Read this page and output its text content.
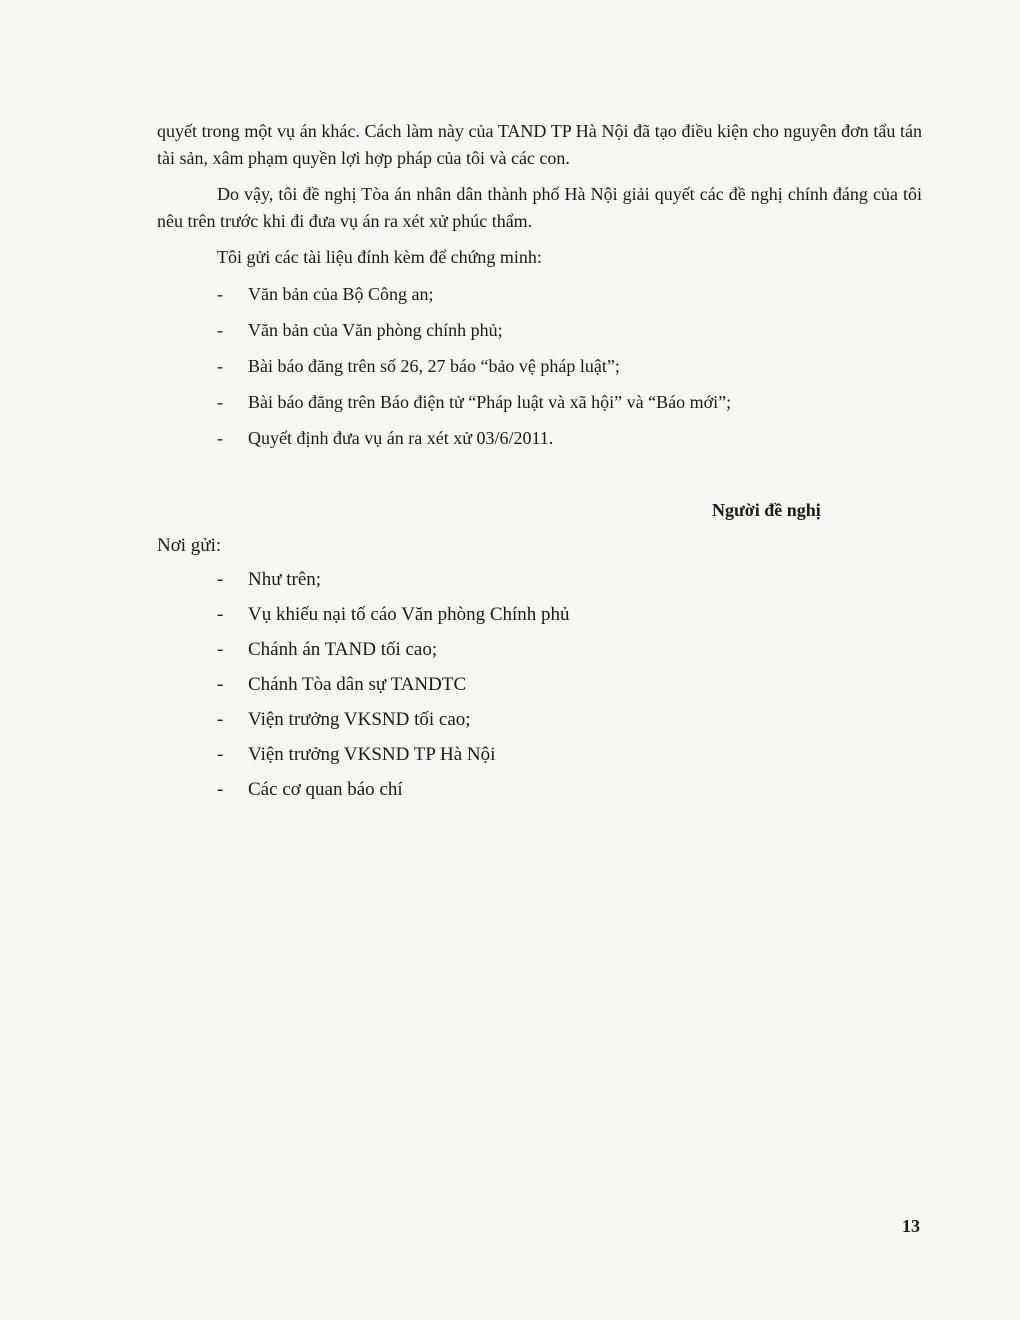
quyết trong một vụ án khác. Cách làm này của TAND TP Hà Nội đã tạo điều kiện cho nguyên đơn tẩu tán tài sản, xâm phạm quyền lợi hợp pháp của tôi và các con.
Do vậy, tôi đề nghị Tòa án nhân dân thành phố Hà Nội giải quyết các đề nghị chính đáng của tôi nêu trên trước khi đi đưa vụ án ra xét xử phúc thẩm.
Tôi gửi các tài liệu đính kèm để chứng minh:
- Văn bản của Bộ Công an;
- Văn bản của Văn phòng chính phủ;
- Bài báo đăng trên số 26, 27 báo “bảo vệ pháp luật”;
- Bài báo đăng trên Báo điện tử “Pháp luật và xã hội” và “Báo mới”;
- Quyết định đưa vụ án ra xét xử 03/6/2011.
Người đề nghị
Nơi gửi:
- Như trên;
- Vụ khiếu nại tố cáo Văn phòng Chính phủ
- Chánh án TAND tối cao;
- Chánh Tòa dân sự TANDTC
- Viện trưởng VKSND tối cao;
- Viện trưởng VKSND TP Hà Nội
- Các cơ quan báo chí
13
